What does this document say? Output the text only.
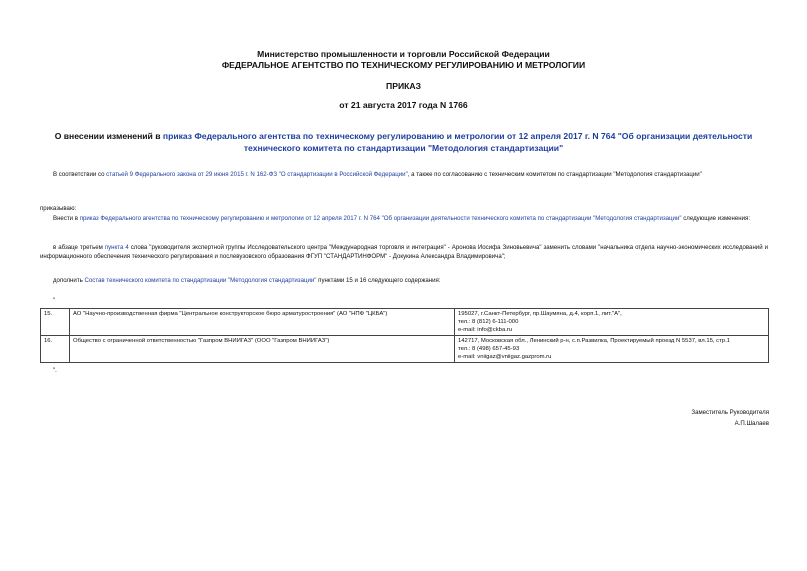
Министерство промышленности и торговли Российской Федерации
ФЕДЕРАЛЬНОЕ АГЕНТСТВО ПО ТЕХНИЧЕСКОМУ РЕГУЛИРОВАНИЮ И МЕТРОЛОГИИ
ПРИКАЗ
от 21 августа 2017 года N 1766
О внесении изменений в приказ Федерального агентства по техническому регулированию и метрологии от 12 апреля 2017 г. N 764 "Об организации деятельности
технического комитета по стандартизации "Методология стандартизации"
В соответствии со статьей 9 Федерального закона от 29 июня 2015 г. N 162-ФЗ "О стандартизации в Российской Федерации", а также по согласованию с техническим комитетом по стандартизации "Методология стандартизации"
приказываю:
Внести в приказ Федерального агентства по техническому регулированию и метрологии от 12 апреля 2017 г. N 764 "Об организации деятельности технического комитета по стандартизации "Методология стандартизации" следующие изменения:
в абзаце третьем пункта 4 слова "руководителя экспертной группы Исследовательского центра "Международная торговля и интеграция" - Аронова Иосифа Зиновьевича" заменить словами "начальника отдела научно-экономических исследований и информационного обеспечения технического регулирования и послевузовского образования ФГУП "СТАНДАРТИНФОРМ" - Докукина Александра Владимировича";
дополнить Состав технического комитета по стандартизации "Методология стандартизации" пунктами 15 и 16 следующего содержания:
"
15.	АО "Научно-производственная фирма "Центральное конструкторское бюро арматуростроения" (АО "НПФ "ЦКБА")	195027, г.Санкт-Петербург, пр.Шаумяна, д.4, корп.1, лит."А",
тел.: 8 (812) 6-111-000
e-mail: info@ckba.ru

16.	Общество с ограниченной ответственностью "Газпром ВНИИГАЗ" (ООО "Газпром ВНИИГАЗ")	142717, Московская обл., Ленинский р-н, с.п.Развилка, Проектируемый проезд N 5537, вл.15, стр.1
тел.: 8 (498) 657-45-93
e-mail: vniigaz@vniigaz.gazprom.ru
".
Заместитель Руководителя
А.П.Шалаев
